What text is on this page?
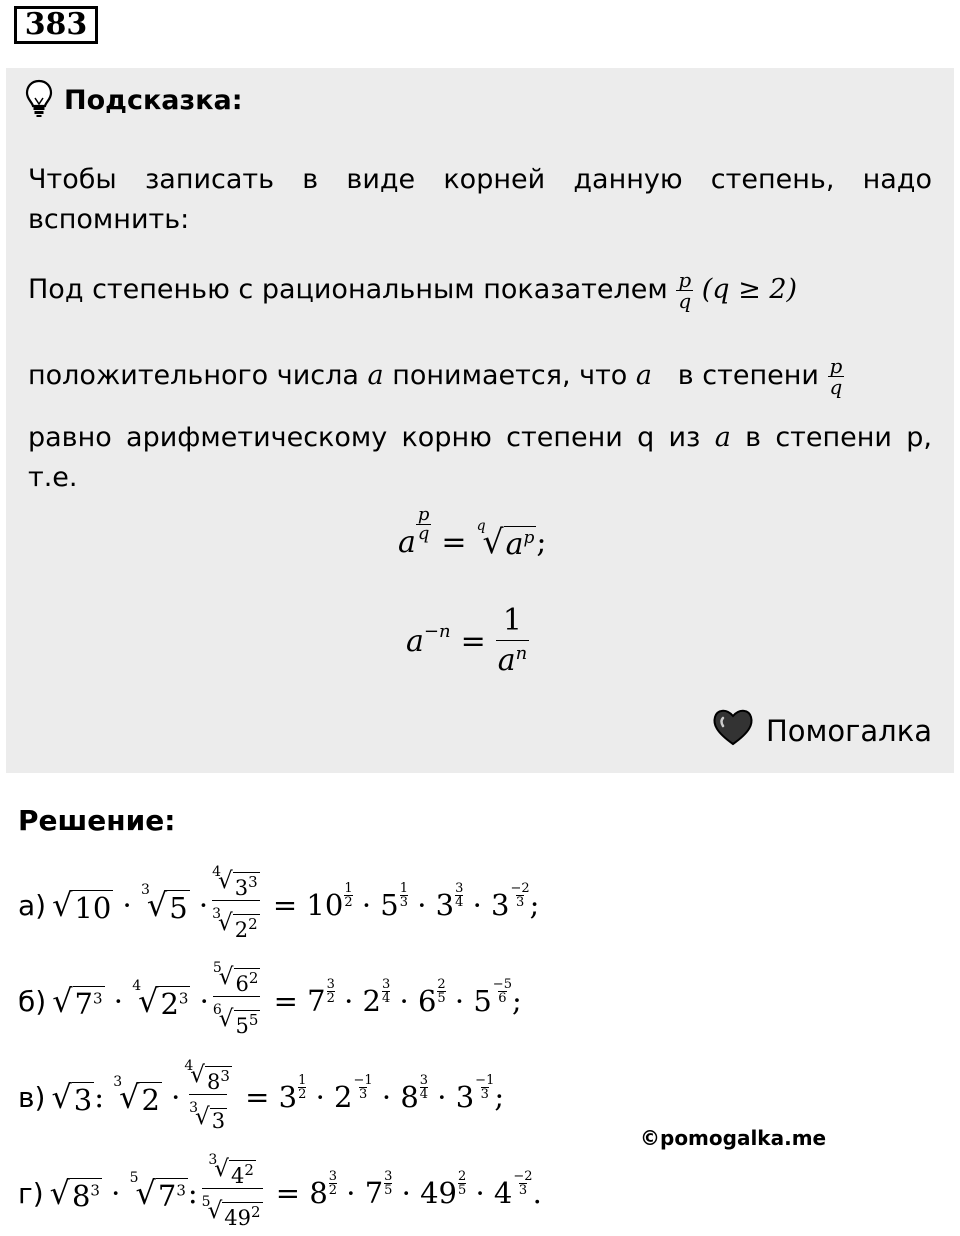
383
Подсказка:
Чтобы записать в виде корней данную степень, надо вспомнить:
Под степенью с рациональным показателем $\frac{p}{q} (q \ge 2)$
положительного числа a понимается, что a в степени $\frac{p}{q}$
равно арифметическому корню степени q из a в степени р, т.е.
a $\frac{p}{q} = q$
√ $a^p$ ;
$a^{-n} = \frac{1}{a^n}$
Помогалка
Решение:
а) √ 10 · 3
√ 5 ·
4
√ $3^3$
3
√ $2^2$
= 10 1
2 · 5 1
3 · 3 3
4 · 3 −2
3 ;
б) √ $7^3 \cdot 4$
√ $2^3$ ·
5
√ $6^2$
6
√ $5^5$
= 7 3
2 · 2 3
4 · 6 2
5 · 5 −5
6 ;
в) √ 3 : 3
√ 2 ·
4
√ $8^3$
3
√ 3
= 3 1
2 · 2 −1
3 · 8 3
4 · 3 −1
3 ;
©pomogalka.me
г) √ $8^3 \cdot 5$
√ $7^3$ :
3
√ $4^2$
5
√ $49^2$
= 8 3
2 · 7 3
5 · 49 2
5 · 4 −2
3 .
